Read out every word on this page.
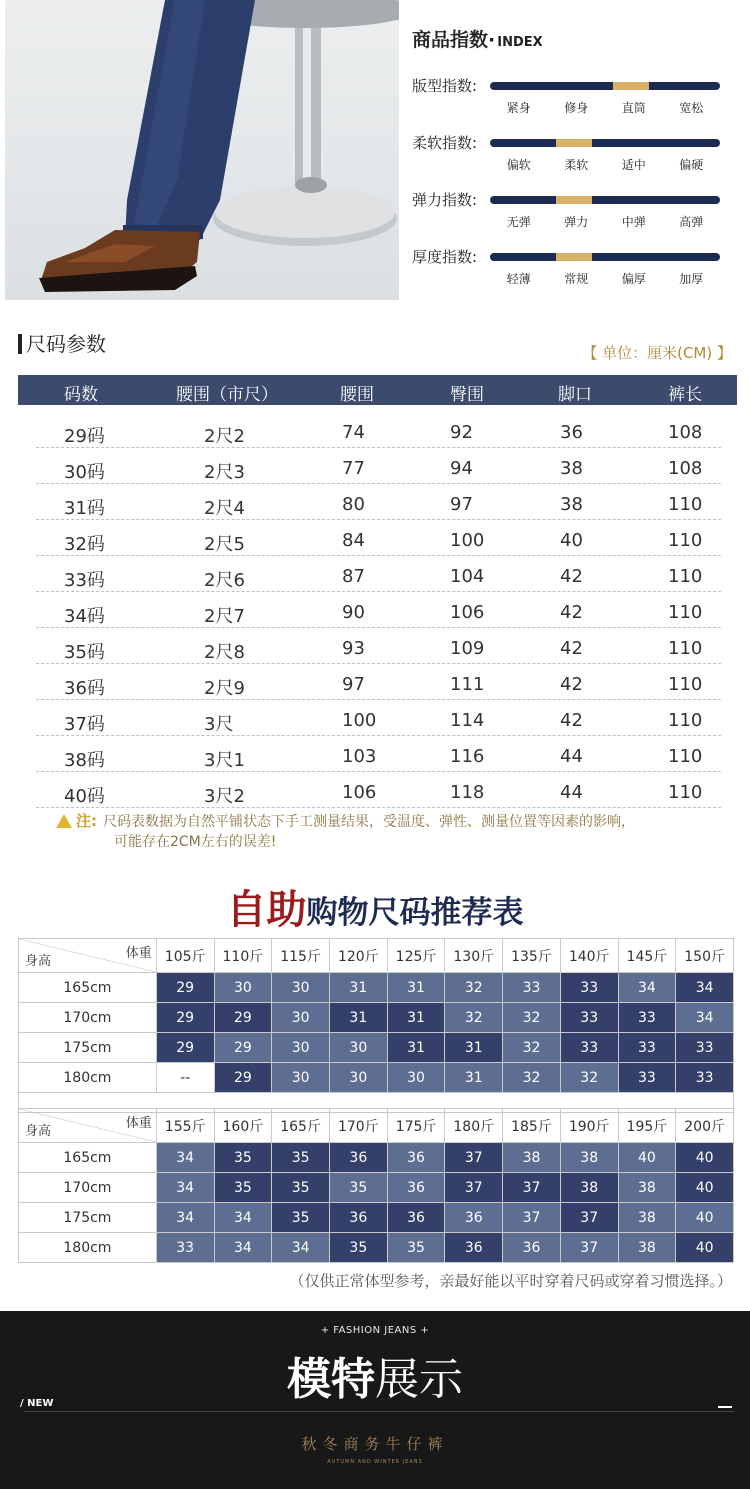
商品指数· INDEX
版型指数:
紧身	修身	直筒	宽松
柔软指数:
偏软	柔软	适中	偏硬
弹力指数:
无弹	弹力	中弹	高弹
厚度指数:
轻薄	常规	偏厚	加厚
尺码参数	【 单位：厘米(CM) 】
码数	腰围（市尺）	腰围	臀围	脚口	裤长
29码	2尺2	74	92	36	108
30码	2尺3	77	94	38	108
31码	2尺4	80	97	38	110
32码	2尺5	84	100	40	110
33码	2尺6	87	104	42	110
34码	2尺7	90	106	42	110
35码	2尺8	93	109	42	110
36码	2尺9	97	111	42	110
37码	3尺	100	114	42	110
38码	3尺1	103	116	44	110
40码	3尺2	106	118	44	110
注: 尺码表数据为自然平铺状态下手工测量结果，受温度、弹性、测量位置等因素的影响，
可能存在2CM左右的误差!
自助购物尺码推荐表
体重
身高	105斤	110斤	115斤	120斤	125斤	130斤	135斤	140斤	145斤	150斤
165cm	29	30	30	31	31	32	33	33	34	34
170cm	29	29	30	31	31	32	32	33	33	34
175cm	29	29	30	30	31	31	32	33	33	33
180cm	--	29	30	30	30	31	32	32	33	33
体重
身高	155斤	160斤	165斤	170斤	175斤	180斤	185斤	190斤	195斤	200斤
165cm	34	35	35	36	36	37	38	38	40	40
170cm	34	35	35	35	36	37	37	38	38	40
175cm	34	34	35	36	36	36	37	37	38	40
180cm	33	34	34	35	35	36	36	37	38	40
（仅供正常体型参考，亲最好能以平时穿着尺码或穿着习惯选择。）
+ FASHION JEANS +
模特展示
/ NEW
秋冬商务牛仔裤
AUTUMN AND WINTER JEANS
